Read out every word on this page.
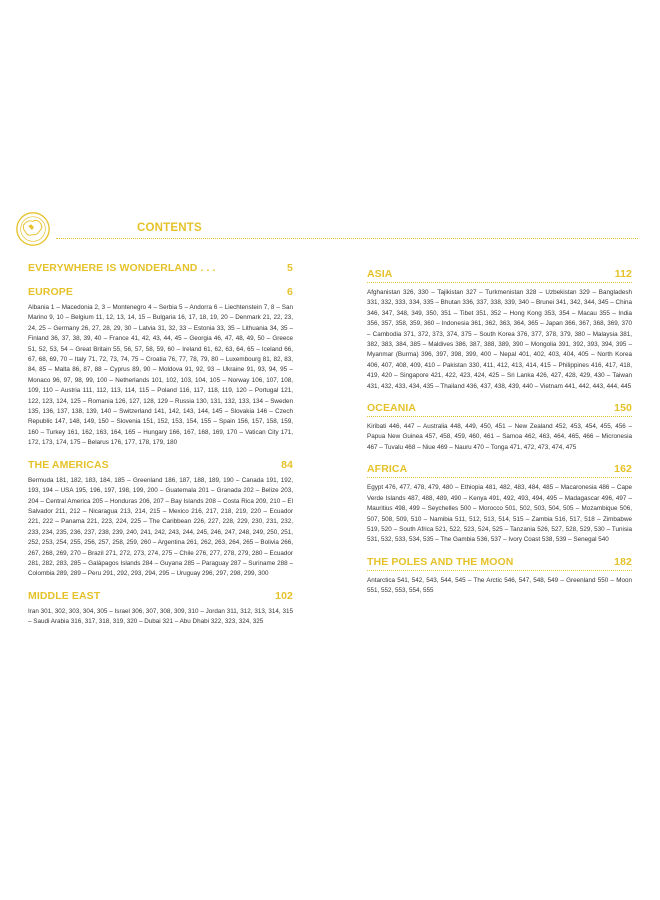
CONTENTS
EVERYWHERE IS WONDERLAND . . .	5
EUROPE	6

Albania 1 – Macedonia 2, 3 – Montenegro 4 – Serbia 5 – Andorra 6 – Liechtenstein 7, 8 – San Marino 9, 10 – Belgium 11, 12, 13, 14, 15 – Bulgaria 16, 17, 18, 19, 20 – Denmark 21, 22, 23, 24, 25 – Germany 26, 27, 28, 29, 30 – Latvia 31, 32, 33 – Estonia 33, 35 – Lithuania 34, 35 – Finland 36, 37, 38, 39, 40 – France 41, 42, 43, 44, 45 – Georgia 46, 47, 48, 49, 50 – Greece 51, 52, 53, 54 – Great Britain 55, 56, 57, 58, 59, 60 – Ireland 61, 62, 63, 64, 65 – Iceland 66, 67, 68, 69, 70 – Italy 71, 72, 73, 74, 75 – Croatia 76, 77, 78, 79, 80 – Luxembourg 81, 82, 83, 84, 85 – Malta 86, 87, 88 – Cyprus 89, 90 – Moldova 91, 92, 93 – Ukraine 91, 93, 94, 95 – Monaco 96, 97, 98, 99, 100 – Netherlands 101, 102, 103, 104, 105 – Norway 106, 107, 108, 109, 110 – Austria 111, 112, 113, 114, 115 – Poland 116, 117, 118, 119, 120 – Portugal 121, 122, 123, 124, 125 – Romania 126, 127, 128, 129 – Russia 130, 131, 132, 133, 134 – Sweden 135, 136, 137, 138, 139, 140 – Switzerland 141, 142, 143, 144, 145 – Slovakia 146 – Czech Republic 147, 148, 149, 150 – Slovenia 151, 152, 153, 154, 155 – Spain 156, 157, 158, 159, 160 – Turkey 161, 162, 163, 164, 165 – Hungary 166, 167, 168, 169, 170 – Vatican City 171, 172, 173, 174, 175 – Belarus 176, 177, 178, 179, 180

THE AMERICAS	84

Bermuda 181, 182, 183, 184, 185 – Greenland 186, 187, 188, 189, 190 – Canada 191, 192, 193, 194 – USA 195, 196, 197, 198, 199, 200 – Guatemala 201 – Granada 202 – Belize 203, 204 – Central America 205 – Honduras 206, 207 – Bay Islands 208 – Costa Rica 209, 210 – El Salvador 211, 212 – Nicaragua 213, 214, 215 – Mexico 216, 217, 218, 219, 220 – Ecuador 221, 222 – Panama 221, 223, 224, 225 – The Caribbean 226, 227, 228, 229, 230, 231, 232, 233, 234, 235, 236, 237, 238, 239, 240, 241, 242, 243, 244, 245, 246, 247, 248, 249, 250, 251, 252, 253, 254, 255, 256, 257, 258, 259, 260 – Argentina 261, 262, 263, 264, 265 – Bolivia 266, 267, 268, 269, 270 – Brazil 271, 272, 273, 274, 275 – Chile 276, 277, 278, 279, 280 – Ecuador 281, 282, 283, 285 – Galápagos Islands 284 – Guyana 285 – Paraguay 287 – Suriname 288 – Colombia 289, 289 – Peru 291, 292, 293, 294, 295 – Uruguay 296, 297, 298, 299, 300

MIDDLE EAST	102

Iran 301, 302, 303, 304, 305 – Israel 306, 307, 308, 309, 310 – Jordan 311, 312, 313, 314, 315 – Saudi Arabia 316, 317, 318, 319, 320 – Dubai 321 – Abu Dhabi 322, 323, 324, 325

ASIA	112

Afghanistan 326, 330 – Tajikistan 327 – Turkmenistan 328 – Uzbekistan 329 – Bangladesh 331, 332, 333, 334, 335 – Bhutan 336, 337, 338, 339, 340 – Brunei 341, 342, 344, 345 – China 346, 347, 348, 349, 350, 351 – Tibet 351, 352 – Hong Kong 353, 354 – Macau 355 – India 356, 357, 358, 359, 360 – Indonesia 361, 362, 363, 364, 365 – Japan 366, 367, 368, 369, 370 – Cambodia 371, 372, 373, 374, 375 – South Korea 376, 377, 378, 379, 380 – Malaysia 381, 382, 383, 384, 385 – Maldives 386, 387, 388, 389, 390 – Mongolia 391, 392, 393, 394, 395 – Myanmar (Burma) 396, 397, 398, 399, 400 – Nepal 401, 402, 403, 404, 405 – North Korea 406, 407, 408, 409, 410 – Pakistan 330, 411, 412, 413, 414, 415 – Philippines 416, 417, 418, 419, 420 – Singapore 421, 422, 423, 424, 425 – Sri Lanka 426, 427, 428, 429, 430 – Taiwan 431, 432, 433, 434, 435 – Thailand 436, 437, 438, 439, 440 – Vietnam 441, 442, 443, 444, 445

OCEANIA	150

Kiribati 446, 447 – Australia 448, 449, 450, 451 – New Zealand 452, 453, 454, 455, 456 – Papua New Guinea 457, 458, 459, 460, 461 – Samoa 462, 463, 464, 465, 466 – Micronesia 467 – Tuvalu 468 – Niue 469 – Nauru 470 – Tonga 471, 472, 473, 474, 475

AFRICA	162

Egypt 476, 477, 478, 479, 480 – Ethiopia 481, 482, 483, 484, 485 – Macaronesia 486 – Cape Verde Islands 487, 488, 489, 490 – Kenya 491, 492, 493, 494, 495 – Madagascar 496, 497 – Mauritius 498, 499 – Seychelles 500 – Morocco 501, 502, 503, 504, 505 – Mozambique 506, 507, 508, 509, 510 – Namibia 511, 512, 513, 514, 515 – Zambia 516, 517, 518 – Zimbabwe 519, 520 – South Africa 521, 522, 523, 524, 525 – Tanzania 526, 527, 528, 529, 530 – Tunisia 531, 532, 533, 534, 535 – The Gambia 536, 537 – Ivory Coast 538, 539 – Senegal 540

THE POLES AND THE MOON	182

Antarctica 541, 542, 543, 544, 545 – The Arctic 546, 547, 548, 549 – Greenland 550 – Moon 551, 552, 553, 554, 555
